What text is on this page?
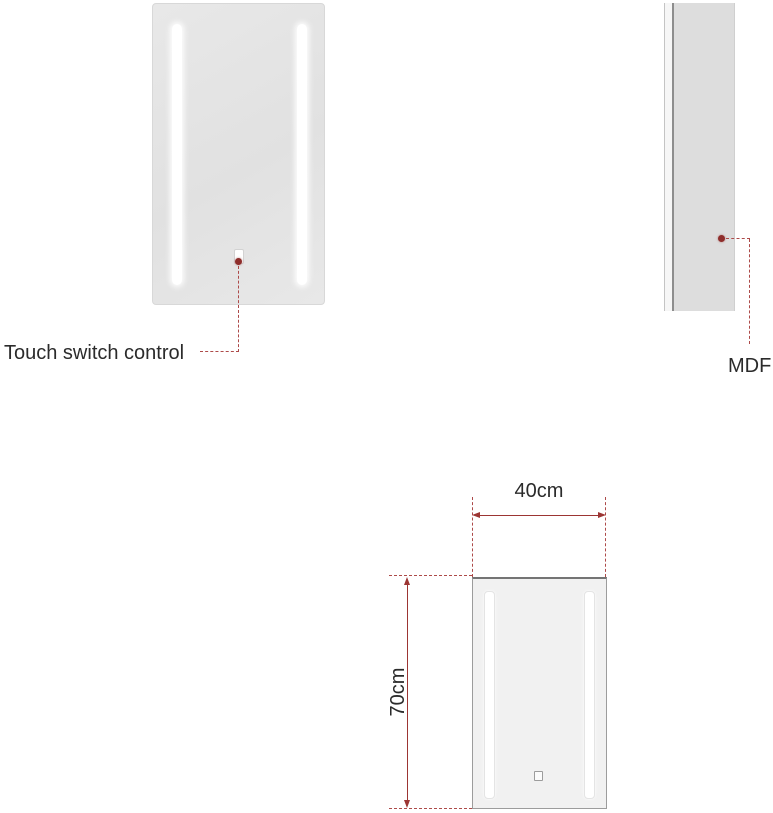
Touch switch control
MDF
40cm
70cm
